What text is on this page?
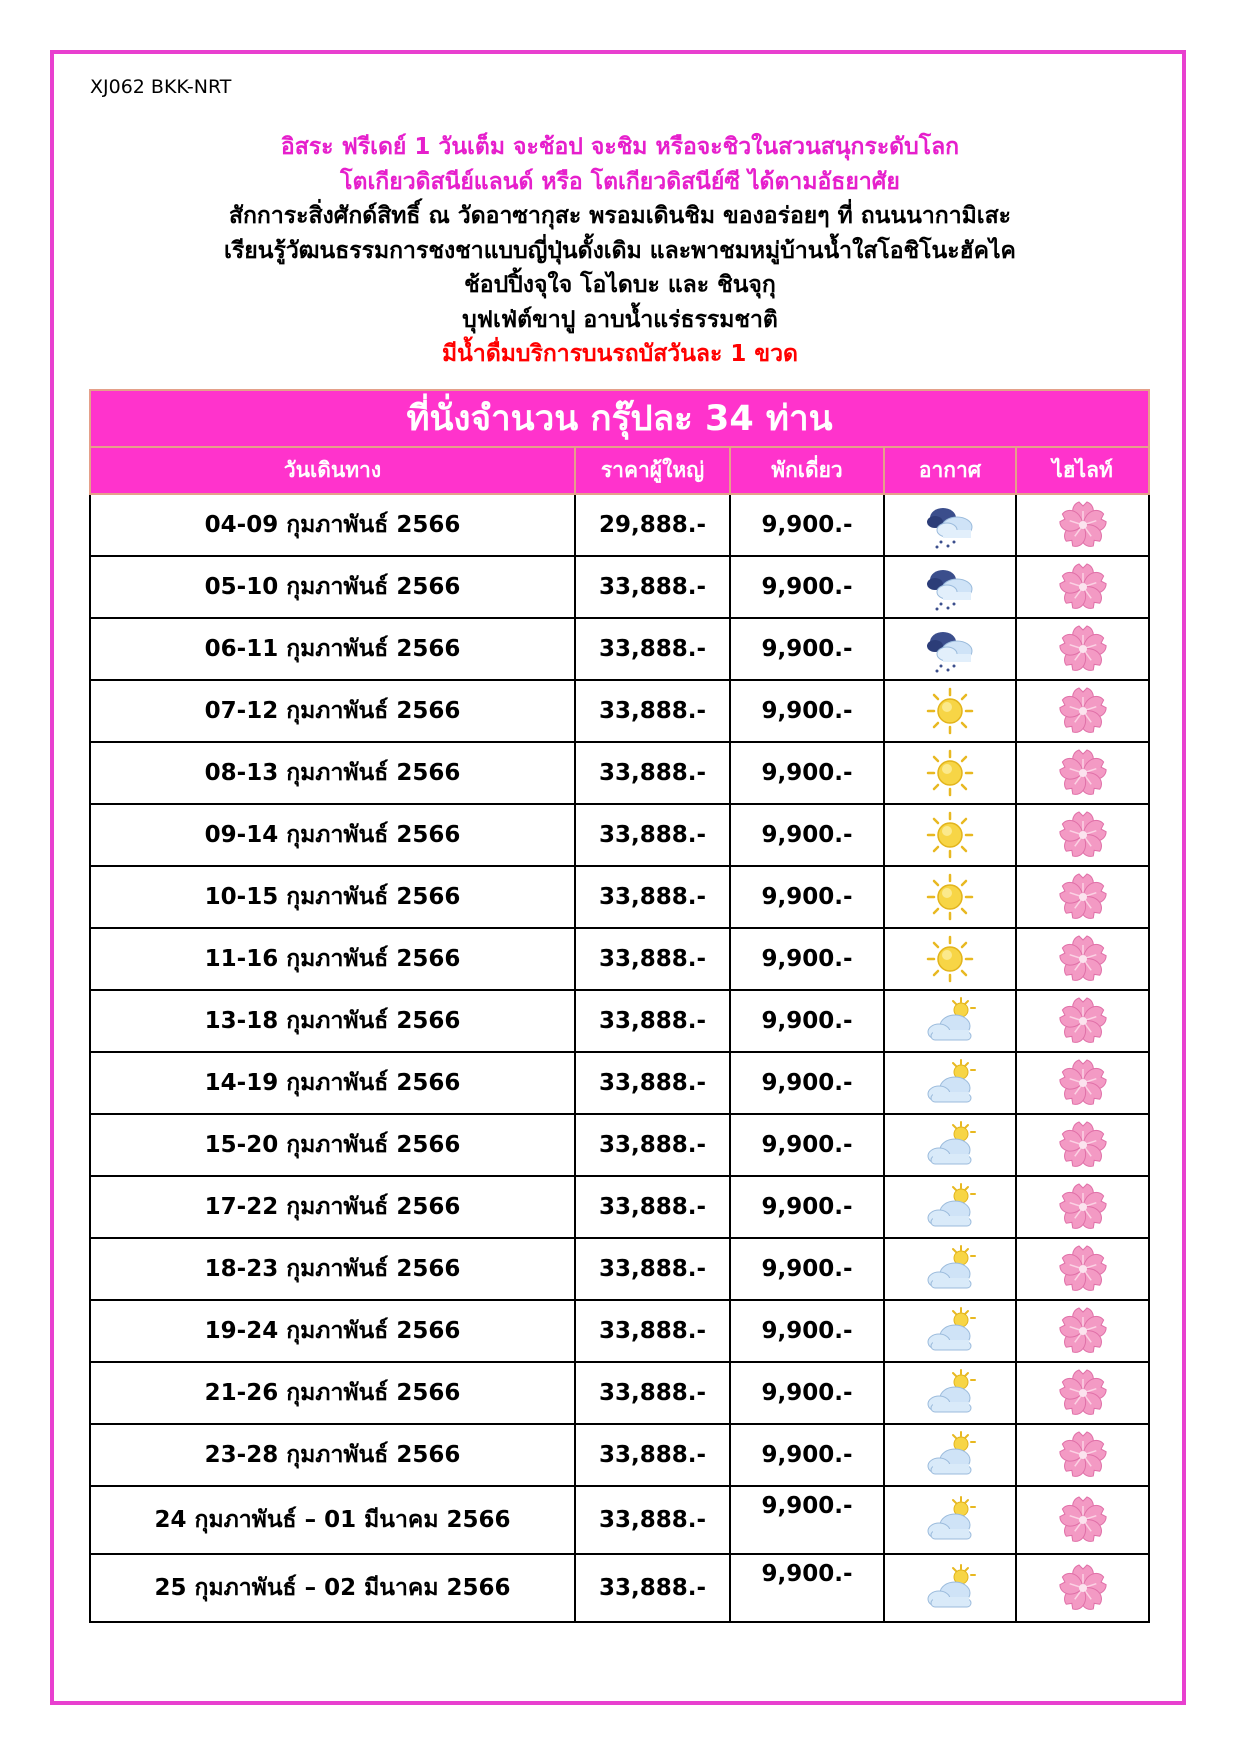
XJ062 BKK-NRT
อิสระ ฟรีเดย์ 1 วันเต็ม จะช้อป จะชิม หรือจะชิวในสวนสนุกระดับโลก
โตเกียวดิสนีย์แลนด์ หรือ โตเกียวดิสนีย์ซี ได้ตามอัธยาศัย
สักการะสิ่งศักด์สิทธิ์ ณ วัดอาซากุสะ พรอมเดินชิม ของอร่อยๆ ที่ ถนนนากามิเสะ
เรียนรู้วัฒนธรรมการชงชาแบบญี่ปุ่นดั้งเดิม และพาชมหมู่บ้านน้ำใสโอชิโนะฮัคไค
ช้อปปิ้งจุใจ โอไดบะ และ ชินจุกุ
บุฟเฟ่ต์ขาปู อาบน้ำแร่ธรรมชาติ
มีน้ำดื่มบริการบนรถบัสวันละ 1 ขวด
ที่นั่งจำนวน กรุ๊ปละ 34 ท่าน				
วันเดินทาง	ราคาผู้ใหญ่	พักเดี่ยว	อากาศ	ไฮไลท์
04-09 กุมภาพันธ์ 2566	29,888.-	9,900.-		
05-10 กุมภาพันธ์ 2566	33,888.-	9,900.-		
06-11 กุมภาพันธ์ 2566	33,888.-	9,900.-		
07-12 กุมภาพันธ์ 2566	33,888.-	9,900.-		
08-13 กุมภาพันธ์ 2566	33,888.-	9,900.-		
09-14 กุมภาพันธ์ 2566	33,888.-	9,900.-		
10-15 กุมภาพันธ์ 2566	33,888.-	9,900.-		
11-16 กุมภาพันธ์ 2566	33,888.-	9,900.-		
13-18 กุมภาพันธ์ 2566	33,888.-	9,900.-		
14-19 กุมภาพันธ์ 2566	33,888.-	9,900.-		
15-20 กุมภาพันธ์ 2566	33,888.-	9,900.-		
17-22 กุมภาพันธ์ 2566	33,888.-	9,900.-		
18-23 กุมภาพันธ์ 2566	33,888.-	9,900.-		
19-24 กุมภาพันธ์ 2566	33,888.-	9,900.-		
21-26 กุมภาพันธ์ 2566	33,888.-	9,900.-		
23-28 กุมภาพันธ์ 2566	33,888.-	9,900.-		
24 กุมภาพันธ์ – 01 มีนาคม 2566	33,888.-	9,900.-		
25 กุมภาพันธ์ – 02 มีนาคม 2566	33,888.-	9,900.-		
